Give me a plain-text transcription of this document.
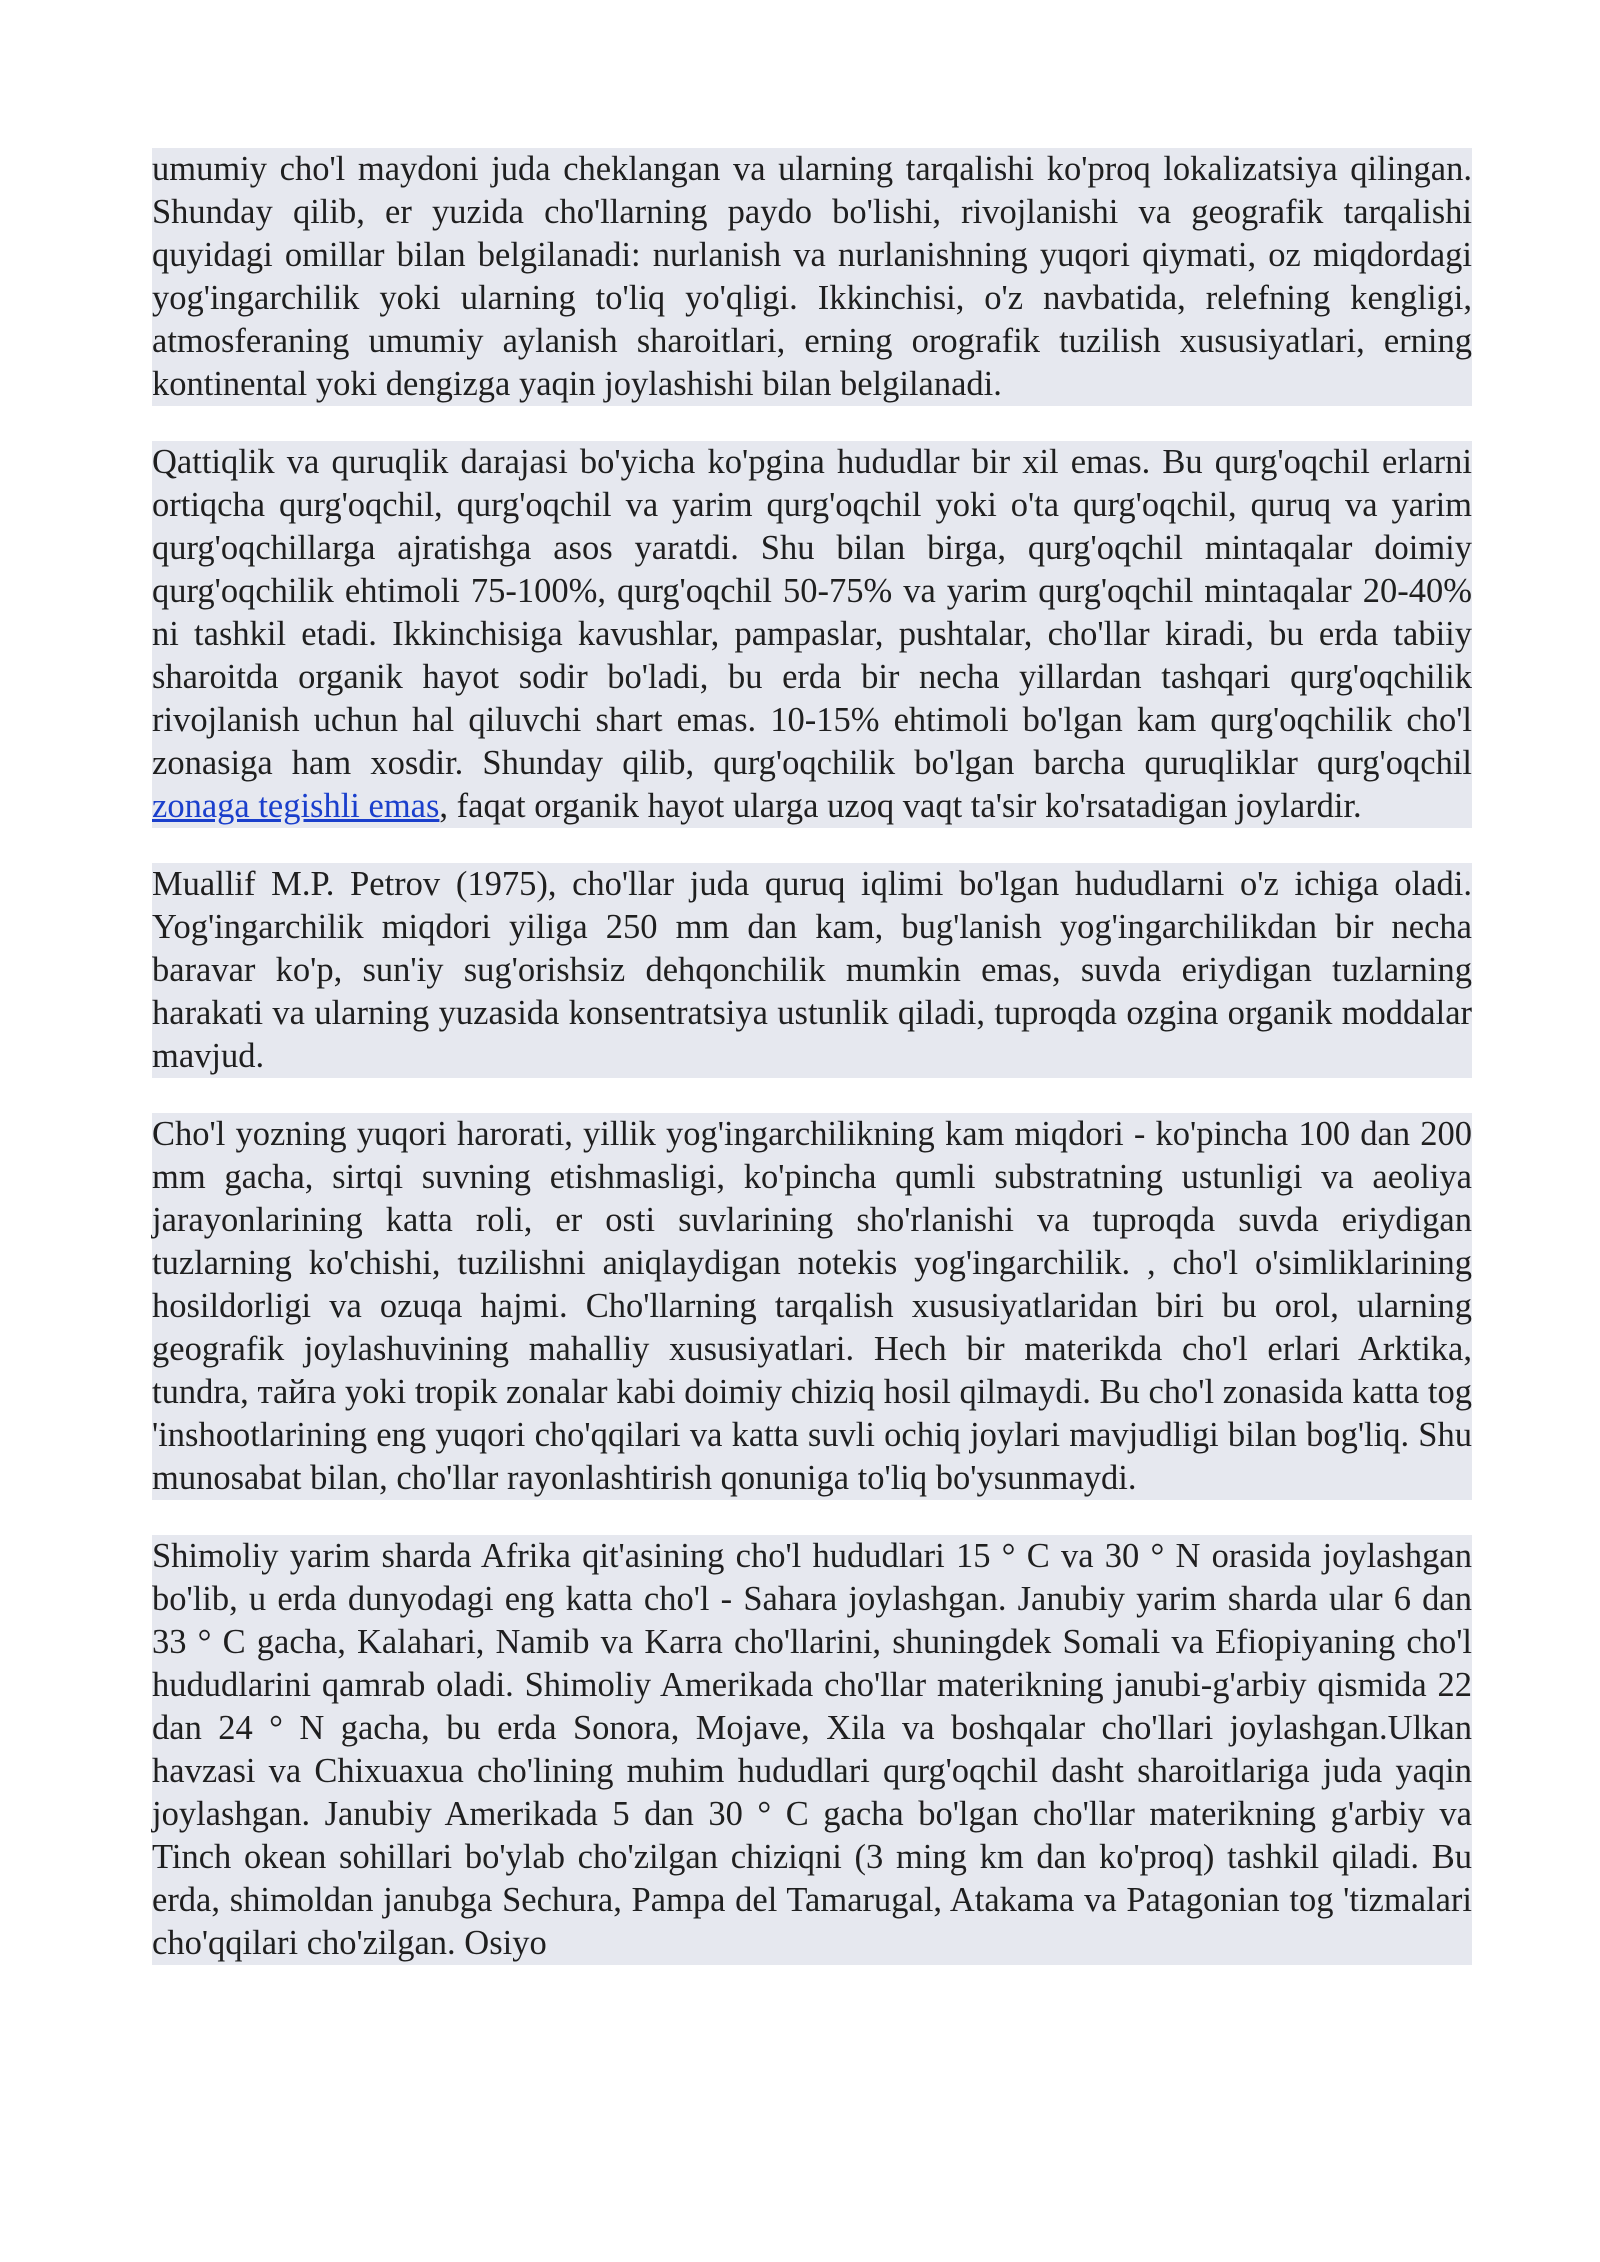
umumiy cho'l maydoni juda cheklangan va ularning tarqalishi ko'proq lokalizatsiya qilingan. Shunday qilib, er yuzida cho'llarning paydo bo'lishi, rivojlanishi va geografik tarqalishi quyidagi omillar bilan belgilanadi: nurlanish va nurlanishning yuqori qiymati, oz miqdordagi yog'ingarchilik yoki ularning to'liq yo'qligi. Ikkinchisi, o'z navbatida, relefning kengligi, atmosferaning umumiy aylanish sharoitlari, erning orografik tuzilish xususiyatlari, erning kontinental yoki dengizga yaqin joylashishi bilan belgilanadi.

Qattiqlik va quruqlik darajasi bo'yicha ko'pgina hududlar bir xil emas. Bu qurg'oqchil erlarni ortiqcha qurg'oqchil, qurg'oqchil va yarim qurg'oqchil yoki o'ta qurg'oqchil, quruq va yarim qurg'oqchillarga ajratishga asos yaratdi. Shu bilan birga, qurg'oqchil mintaqalar doimiy qurg'oqchilik ehtimoli 75-100%, qurg'oqchil 50-75% va yarim qurg'oqchil mintaqalar 20-40% ni tashkil etadi. Ikkinchisiga kavushlar, pampaslar, pushtalar, cho'llar kiradi, bu erda tabiiy sharoitda organik hayot sodir bo'ladi, bu erda bir necha yillardan tashqari qurg'oqchilik rivojlanish uchun hal qiluvchi shart emas. 10-15% ehtimoli bo'lgan kam qurg'oqchilik cho'l zonasiga ham xosdir. Shunday qilib, qurg'oqchilik bo'lgan barcha quruqliklar qurg'oqchil zonaga tegishli emas, faqat organik hayot ularga uzoq vaqt ta'sir ko'rsatadigan joylardir.

Muallif M.P. Petrov (1975), cho'llar juda quruq iqlimi bo'lgan hududlarni o'z ichiga oladi. Yog'ingarchilik miqdori yiliga 250 mm dan kam, bug'lanish yog'ingarchilikdan bir necha baravar ko'p, sun'iy sug'orishsiz dehqonchilik mumkin emas, suvda eriydigan tuzlarning harakati va ularning yuzasida konsentratsiya ustunlik qiladi, tuproqda ozgina organik moddalar mavjud.

Cho'l yozning yuqori harorati, yillik yog'ingarchilikning kam miqdori - ko'pincha 100 dan 200 mm gacha, sirtqi suvning etishmasligi, ko'pincha qumli substratning ustunligi va aeoliya jarayonlarining katta roli, er osti suvlarining sho'rlanishi va tuproqda suvda eriydigan tuzlarning ko'chishi, tuzilishni aniqlaydigan notekis yog'ingarchilik. , cho'l o'simliklarining hosildorligi va ozuqa hajmi. Cho'llarning tarqalish xususiyatlaridan biri bu orol, ularning geografik joylashuvining mahalliy xususiyatlari. Hech bir materikda cho'l erlari Arktika, tundra, тайга yoki tropik zonalar kabi doimiy chiziq hosil qilmaydi. Bu cho'l zonasida katta tog 'inshootlarining eng yuqori cho'qqilari va katta suvli ochiq joylari mavjudligi bilan bog'liq. Shu munosabat bilan, cho'llar rayonlashtirish qonuniga to'liq bo'ysunmaydi.

Shimoliy yarim sharda Afrika qit'asining cho'l hududlari 15 ° C va 30 ° N orasida joylashgan bo'lib, u erda dunyodagi eng katta cho'l - Sahara joylashgan. Janubiy yarim sharda ular 6 dan 33 ° C gacha, Kalahari, Namib va Karra cho'llarini, shuningdek Somali va Efiopiyaning cho'l hududlarini qamrab oladi. Shimoliy Amerikada cho'llar materikning janubi-g'arbiy qismida 22 dan 24 ° N gacha, bu erda Sonora, Mojave, Xila va boshqalar cho'llari joylashgan.Ulkan havzasi va Chixuaxua cho'lining muhim hududlari qurg'oqchil dasht sharoitlariga juda yaqin joylashgan. Janubiy Amerikada 5 dan 30 ° C gacha bo'lgan cho'llar materikning g'arbiy va Tinch okean sohillari bo'ylab cho'zilgan chiziqni (3 ming km dan ko'proq) tashkil qiladi. Bu erda, shimoldan janubga Sechura, Pampa del Tamarugal, Atakama va Patagonian tog 'tizmalari cho'qqilari cho'zilgan. Osiyo
